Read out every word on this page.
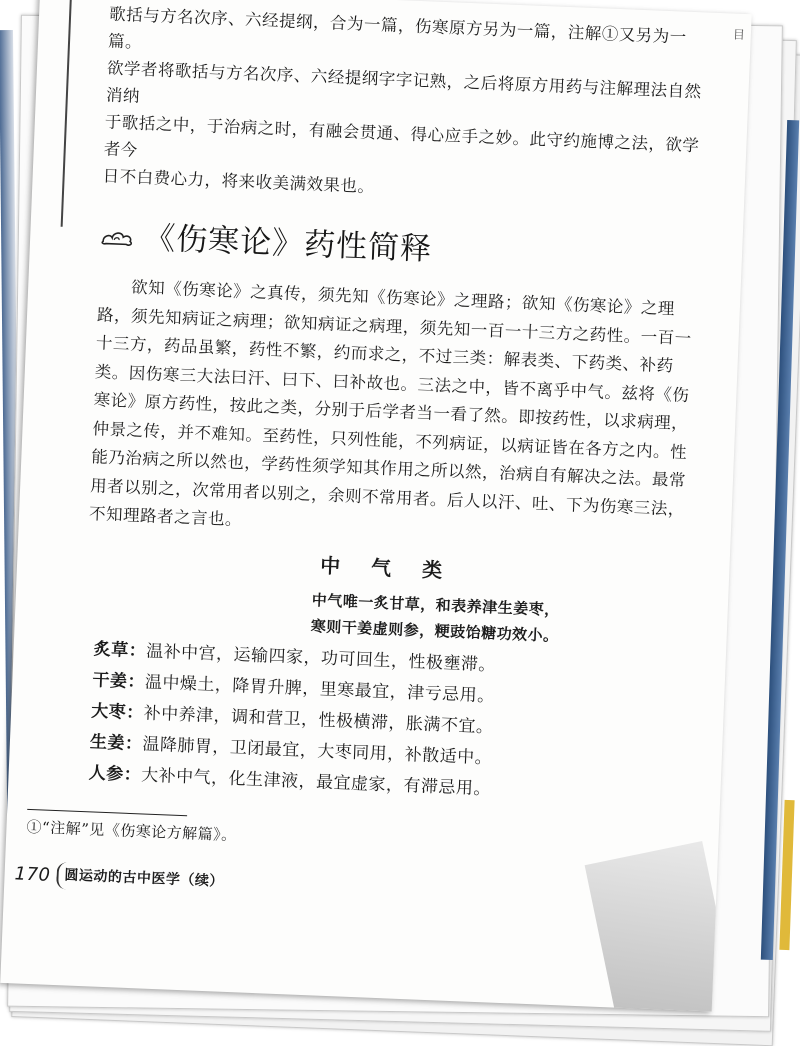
目

歌括与方名次序、六经提纲，合为一篇，伤寒原方另为一篇，注解①又另为一篇。

欲学者将歌括与方名次序、六经提纲字字记熟，之后将原方用药与注解理法自然消纳

于歌括之中，于治病之时，有融会贯通、得心应手之妙。此守约施博之法，欲学者今

日不白费心力，将来收美满效果也。

《伤寒论》药性简释

欲知《伤寒论》之真传，须先知《伤寒论》之理路；欲知《伤寒论》之理路，须先知病证之病理；欲知病证之病理，须先知一百一十三方之药性。一百一十三方，药品虽繁，药性不繁，约而求之，不过三类：解表类、下药类、补药类。因伤寒三大法曰汗、曰下、曰补故也。三法之中，皆不离乎中气。兹将《伤寒论》原方药性，按此之类，分别于后学者当一看了然。即按药性，以求病理，仲景之传，并不难知。至药性，只列性能，不列病证，以病证皆在各方之内。性能乃治病之所以然也，学药性须学知其作用之所以然，治病自有解决之法。最常用者以别之，次常用者以别之，余则不常用者。后人以汗、吐、下为伤寒三法，不知理路者之言也。

中 气 类
中气唯一炙甘草，和表养津生姜枣，
寒则干姜虚则参，粳豉饴糖功效小。
炙草：温补中宫，运输四家，功可回生，性极壅滞。
干姜：温中燥土，降胃升脾，里寒最宜，津亏忌用。
大枣：补中养津，调和营卫，性极横滞，胀满不宜。
生姜：温降肺胃，卫闭最宜，大枣同用，补散适中。
人参：大补中气，化生津液，最宜虚家，有滞忌用。
①“注解”见《伤寒论方解篇》。
170 圆运动的古中医学（续）
